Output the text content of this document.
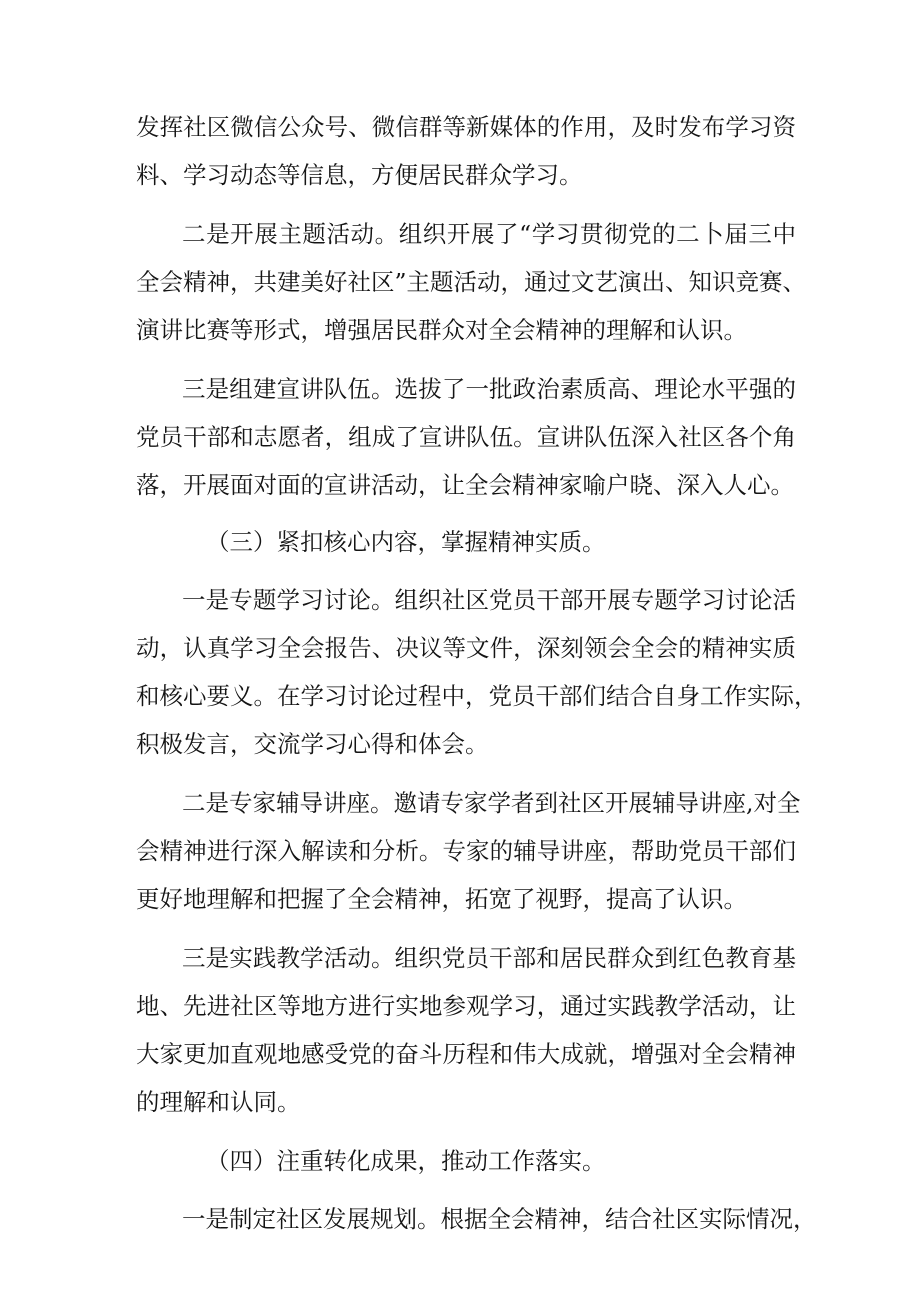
发挥社区微信公众号、微信群等新媒体的作用，及时发布学习资
料、学习动态等信息，方便居民群众学习。
二是开展主题活动。组织开展了“学习贯彻党的二卜届三中
全会精神，共建美好社区”主题活动，通过文艺演出、知识竞赛、
演讲比赛等形式，增强居民群众对全会精神的理解和认识。
三是组建宣讲队伍。选拔了一批政治素质高、理论水平强的
党员干部和志愿者，组成了宣讲队伍。宣讲队伍深入社区各个角
落，开展面对面的宣讲活动，让全会精神家喻户晓、深入人心。
（三）紧扣核心内容，掌握精神实质。
一是专题学习讨论。组织社区党员干部开展专题学习讨论活
动，认真学习全会报告、决议等文件，深刻领会全会的精神实质
和核心要义。在学习讨论过程中，党员干部们结合自身工作实际，
积极发言，交流学习心得和体会。
二是专家辅导讲座。邀请专家学者到社区开展辅导讲座,对全
会精神进行深入解读和分析。专家的辅导讲座，帮助党员干部们
更好地理解和把握了全会精神，拓宽了视野，提高了认识。
三是实践教学活动。组织党员干部和居民群众到红色教育基
地、先进社区等地方进行实地参观学习，通过实践教学活动，让
大家更加直观地感受党的奋斗历程和伟大成就，增强对全会精神
的理解和认同。
（四）注重转化成果，推动工作落实。
一是制定社区发展规划。根据全会精神，结合社区实际情况，
